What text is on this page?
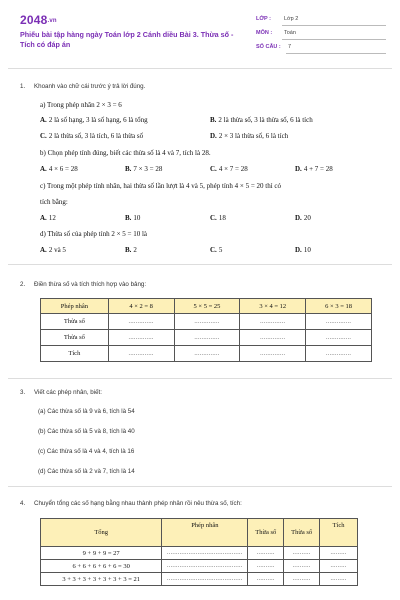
2048.vn
Phiếu bài tập hàng ngày Toán lớp 2 Cánh diều Bài 3. Thừa số - Tích có đáp án
LỚP : Lớp 2
MÔN : Toán
SỐ CÂU : 7
1. Khoanh vào chữ cái trước ý trả lời đúng.
a) Trong phép nhân 2 × 3 = 6
A. 2 là số hạng, 3 là số hạng, 6 là tổng	B. 2 là thừa số, 3 là thừa số, 6 là tích
C. 2 là thừa số, 3 là tích, 6 là thừa số	D. 2 × 3 là thừa số, 6 là tích
b) Chọn phép tính đúng, biết các thừa số là 4 và 7, tích là 28.
A. 4 × 6 = 28	B. 7 × 3 = 28	C. 4 × 7 = 28	D. 4 + 7 = 28
c) Trong một phép tính nhân, hai thừa số lần lượt là 4 và 5, phép tính 4 × 5 = 20 thì có
tích bằng:
A. 12	B. 10	C. 18	D. 20
d) Thừa số của phép tính 2 × 5 = 10 là
A. 2 và 5	B. 2	C. 5	D. 10
2. Điền thừa số và tích thích hợp vào bảng:
Phép nhân	4 × 2 = 8	5 × 5 = 25	3 × 4 = 12	6 × 3 = 18
Thừa số	..............	..............	..............	..............
Thừa số	..............	..............	..............	..............
Tích	..............	..............	..............	..............
3. Viết các phép nhân, biết:
(a) Các thừa số là 9 và 6, tích là 54
(b) Các thừa số là 5 và 8, tích là 40
(c) Các thừa số là 4 và 4, tích là 16
(d) Các thừa số là 2 và 7, tích là 14
4. Chuyển tổng các số hạng bằng nhau thành phép nhân rồi nêu thừa số, tích:
Tổng	Phép nhân	Thừa số	Thừa số	Tích
9 + 9 + 9 = 27	..........................................	..........	..........	.........
6 + 6 + 6 + 6 + 6 = 30	..........................................	..........	..........	.........
3 + 3 + 3 + 3 + 3 + 3 + 3 = 21	..........................................	..........	..........	.........
